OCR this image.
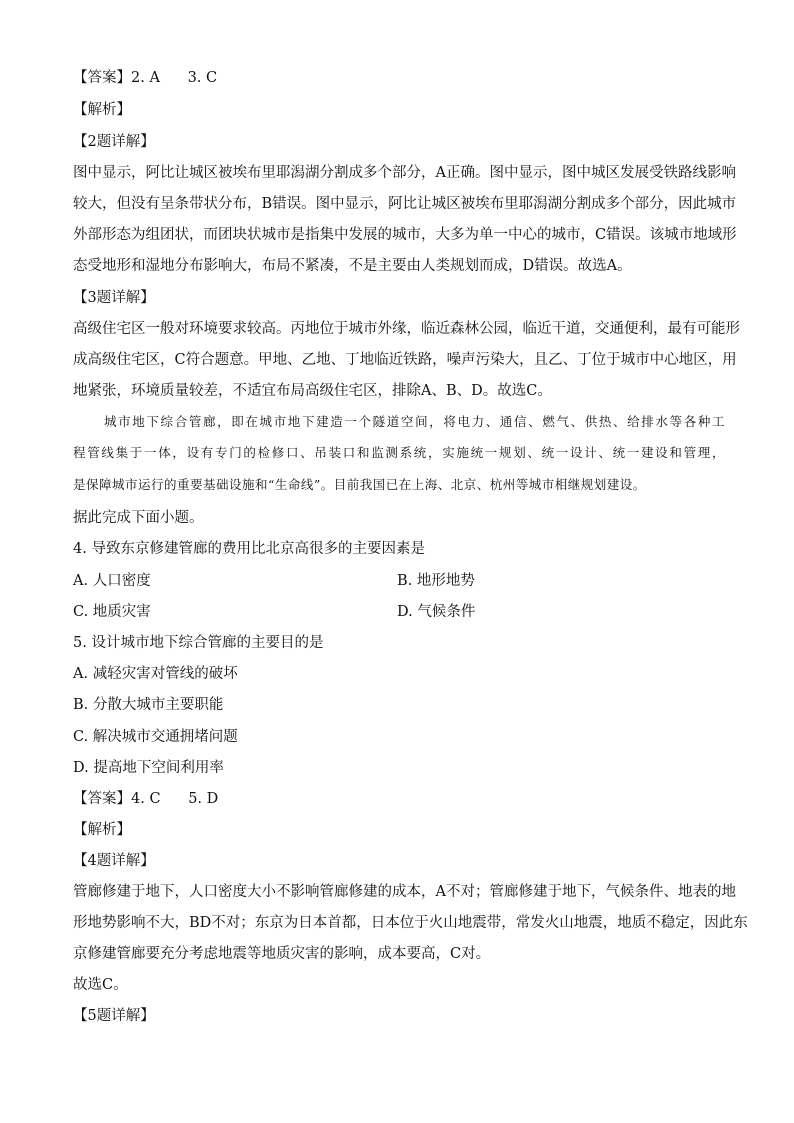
【答案】2. A      3. C
【解析】
【2题详解】
图中显示，阿比让城区被埃布里耶潟湖分割成多个部分，A正确。图中显示，图中城区发展受铁路线影响
较大，但没有呈条带状分布，B错误。图中显示，阿比让城区被埃布里耶潟湖分割成多个部分，因此城市
外部形态为组团状，而团块状城市是指集中发展的城市，大多为单一中心的城市，C错误。该城市地域形
态受地形和湿地分布影响大，布局不紧凑，不是主要由人类规划而成，D错误。故选A。
【3题详解】
高级住宅区一般对环境要求较高。丙地位于城市外缘，临近森林公园，临近干道，交通便利，最有可能形
成高级住宅区，C符合题意。甲地、乙地、丁地临近铁路，噪声污染大，且乙、丁位于城市中心地区，用
地紧张，环境质量较差，不适宜布局高级住宅区，排除A、B、D。故选C。
城市地下综合管廊，即在城市地下建造一个隧道空间，将电力、通信、燃气、供热、给排水等各种工
程管线集于一体，设有专门的检修口、吊装口和监测系统，实施统一规划、统一设计、统一建设和管理，
是保障城市运行的重要基础设施和“生命线”。目前我国已在上海、北京、杭州等城市相继规划建设。
据此完成下面小题。
4. 导致东京修建管廊的费用比北京高很多的主要因素是
A. 人口密度	B. 地形地势
C. 地质灾害	D. 气候条件
5. 设计城市地下综合管廊的主要目的是
A. 减轻灾害对管线的破坏
B. 分散大城市主要职能
C. 解决城市交通拥堵问题
D. 提高地下空间利用率
【答案】4. C      5. D
【解析】
【4题详解】
管廊修建于地下，人口密度大小不影响管廊修建的成本，A不对；管廊修建于地下，气候条件、地表的地
形地势影响不大，BD不对；东京为日本首都，日本位于火山地震带，常发火山地震，地质不稳定，因此东
京修建管廊要充分考虑地震等地质灾害的影响，成本要高，C对。
故选C。
【5题详解】
